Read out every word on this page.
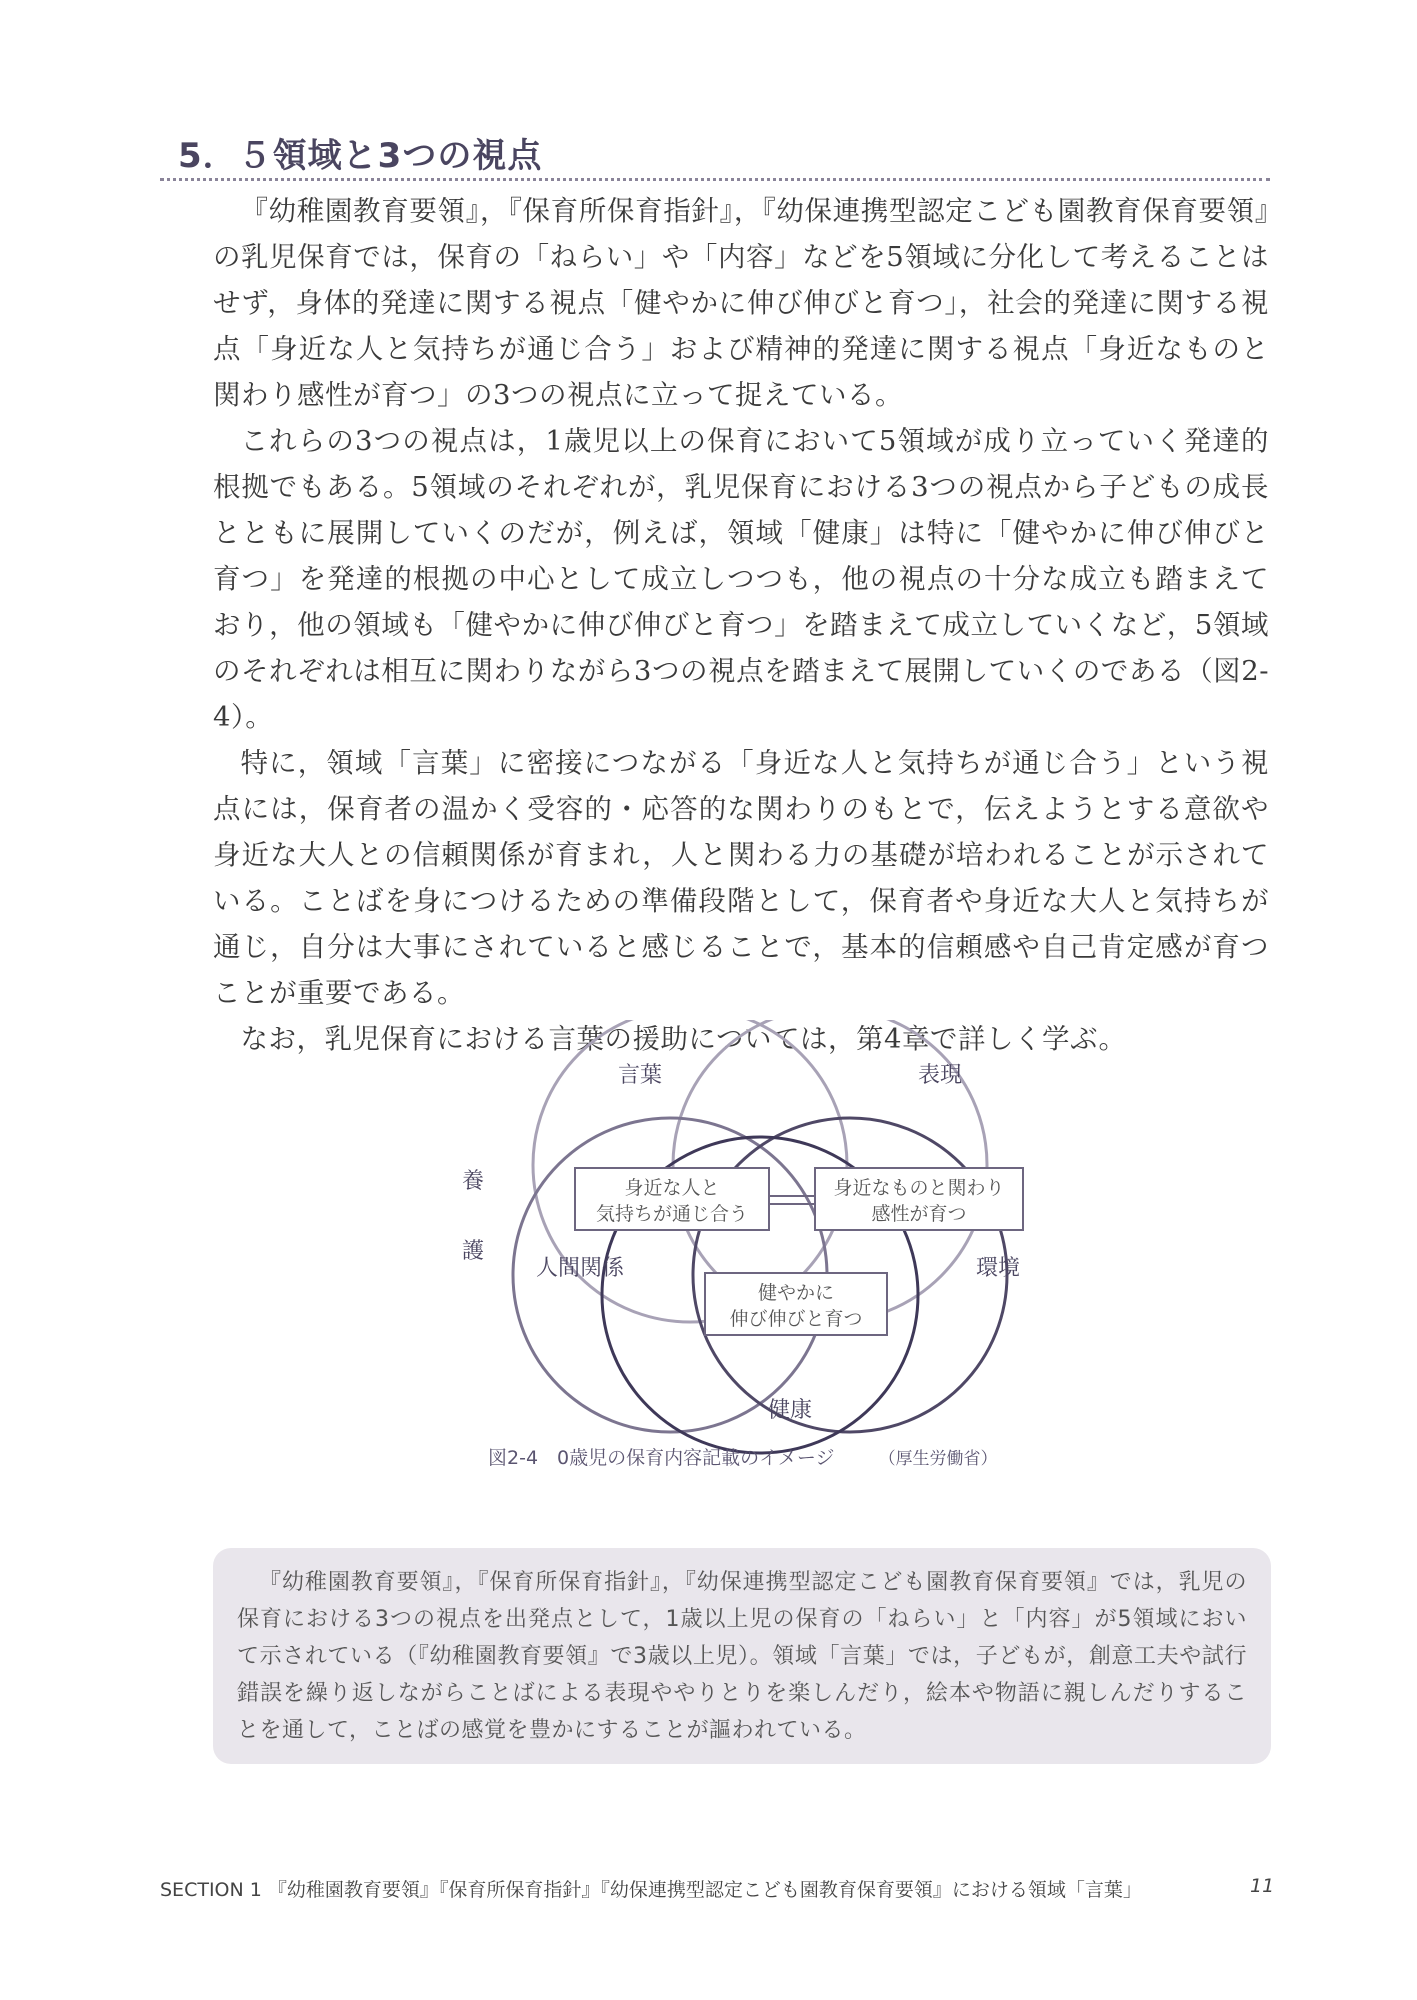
5．５領域と3つの視点

『幼稚園教育要領』，『保育所保育指針』，『幼保連携型認定こども園教育保育要領』の乳児保育では，保育の「ねらい」や「内容」などを5領域に分化して考えることはせず，身体的発達に関する視点「健やかに伸び伸びと育つ」，社会的発達に関する視点「身近な人と気持ちが通じ合う」および精神的発達に関する視点「身近なものと関わり感性が育つ」の3つの視点に立って捉えている。

これらの3つの視点は，1歳児以上の保育において5領域が成り立っていく発達的根拠でもある。5領域のそれぞれが，乳児保育における3つの視点から子どもの成長とともに展開していくのだが，例えば，領域「健康」は特に「健やかに伸び伸びと育つ」を発達的根拠の中心として成立しつつも，他の視点の十分な成立も踏まえており，他の領域も「健やかに伸び伸びと育つ」を踏まえて成立していくなど，5領域のそれぞれは相互に関わりながら3つの視点を踏まえて展開していくのである（図2-4）。

特に，領域「言葉」に密接につながる「身近な人と気持ちが通じ合う」という視点には，保育者の温かく受容的・応答的な関わりのもとで，伝えようとする意欲や身近な大人との信頼関係が育まれ，人と関わる力の基礎が培われることが示されている。ことばを身につけるための準備段階として，保育者や身近な大人と気持ちが通じ，自分は大事にされていると感じることで，基本的信頼感や自己肯定感が育つことが重要である。

なお，乳児保育における言葉の援助については，第4章で詳しく学ぶ。

言葉	表現
人間関係	環境
健康
養
護
身近な人と
気持ちが通じ合う
身近なものと関わり
感性が育つ
健やかに
伸び伸びと育つ
図2-4　0歳児の保育内容記載のイメージ	（厚生労働省）

『幼稚園教育要領』，『保育所保育指針』，『幼保連携型認定こども園教育保育要領』では，乳児の保育における3つの視点を出発点として，1歳以上児の保育の「ねらい」と「内容」が5領域において示されている（『幼稚園教育要領』で3歳以上児）。領域「言葉」では，子どもが，創意工夫や試行錯誤を繰り返しながらことばによる表現ややりとりを楽しんだり，絵本や物語に親しんだりすることを通して，ことばの感覚を豊かにすることが謳われている。

SECTION 1 『幼稚園教育要領』『保育所保育指針』『幼保連携型認定こども園教育保育要領』における領域「言葉」	11
